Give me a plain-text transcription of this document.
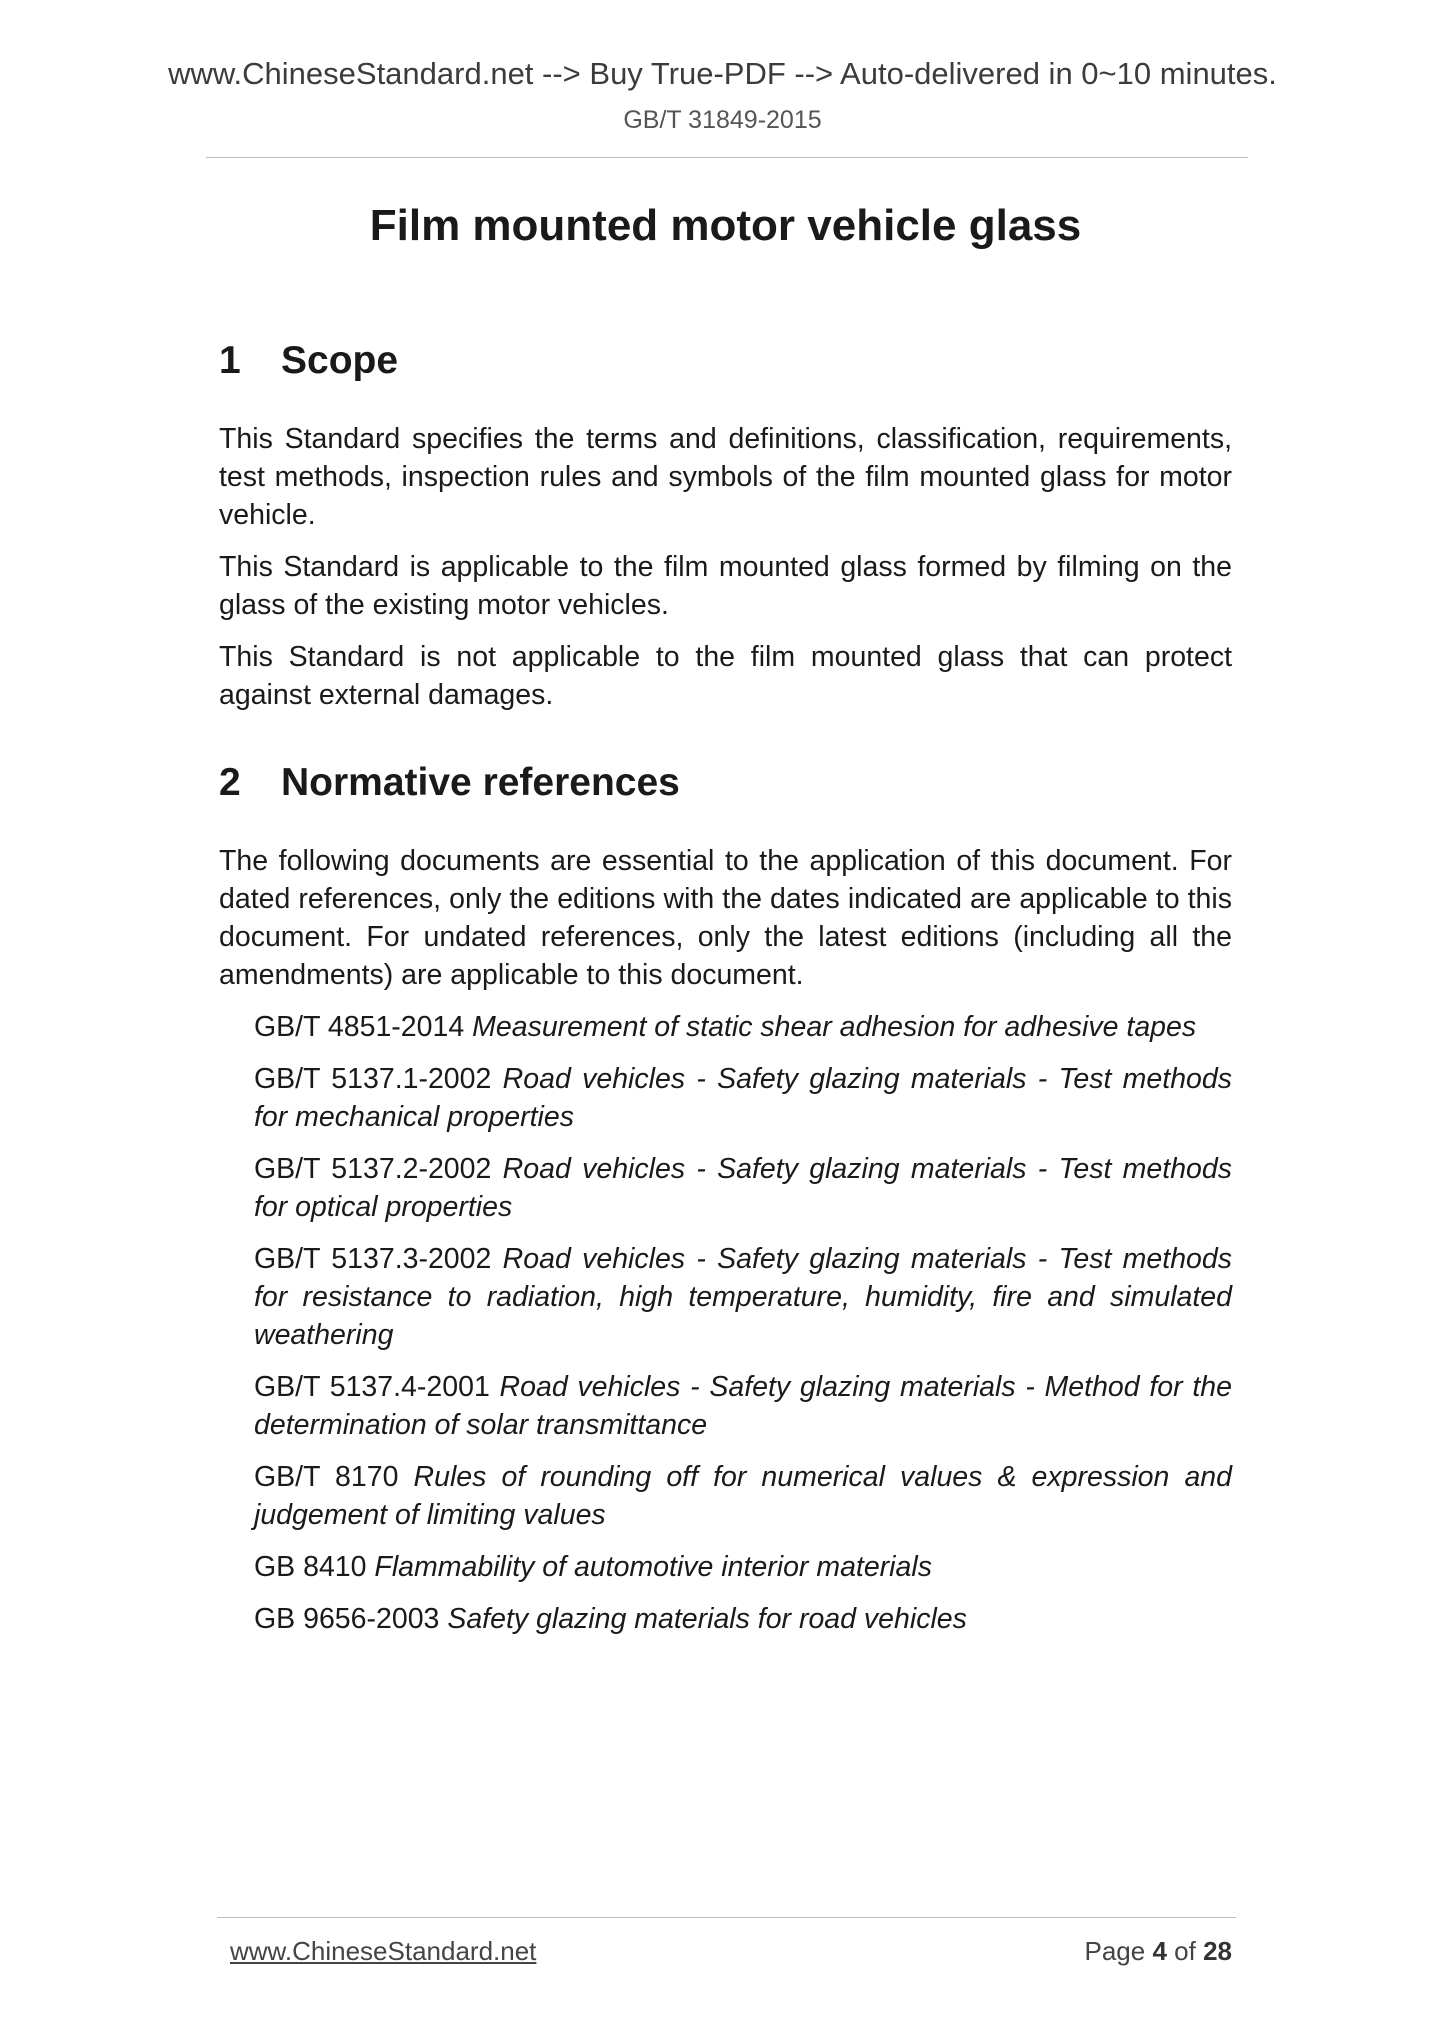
www.ChineseStandard.net --> Buy True-PDF --> Auto-delivered in 0~10 minutes.
GB/T 31849-2015
Film mounted motor vehicle glass
1 Scope

This Standard specifies the terms and definitions, classification, requirements, test methods, inspection rules and symbols of the film mounted glass for motor vehicle.

This Standard is applicable to the film mounted glass formed by filming on the glass of the existing motor vehicles.

This Standard is not applicable to the film mounted glass that can protect against external damages.

2 Normative references

The following documents are essential to the application of this document. For dated references, only the editions with the dates indicated are applicable to this document. For undated references, only the latest editions (including all the amendments) are applicable to this document.

GB/T 4851-2014 Measurement of static shear adhesion for adhesive tapes

GB/T 5137.1-2002 Road vehicles - Safety glazing materials - Test methods for mechanical properties

GB/T 5137.2-2002 Road vehicles - Safety glazing materials - Test methods for optical properties

GB/T 5137.3-2002 Road vehicles - Safety glazing materials - Test methods for resistance to radiation, high temperature, humidity, fire and simulated weathering

GB/T 5137.4-2001 Road vehicles - Safety glazing materials - Method for the determination of solar transmittance

GB/T 8170 Rules of rounding off for numerical values & expression and judgement of limiting values

GB 8410 Flammability of automotive interior materials

GB 9656-2003 Safety glazing materials for road vehicles

www.ChineseStandard.net	Page 4 of 28
